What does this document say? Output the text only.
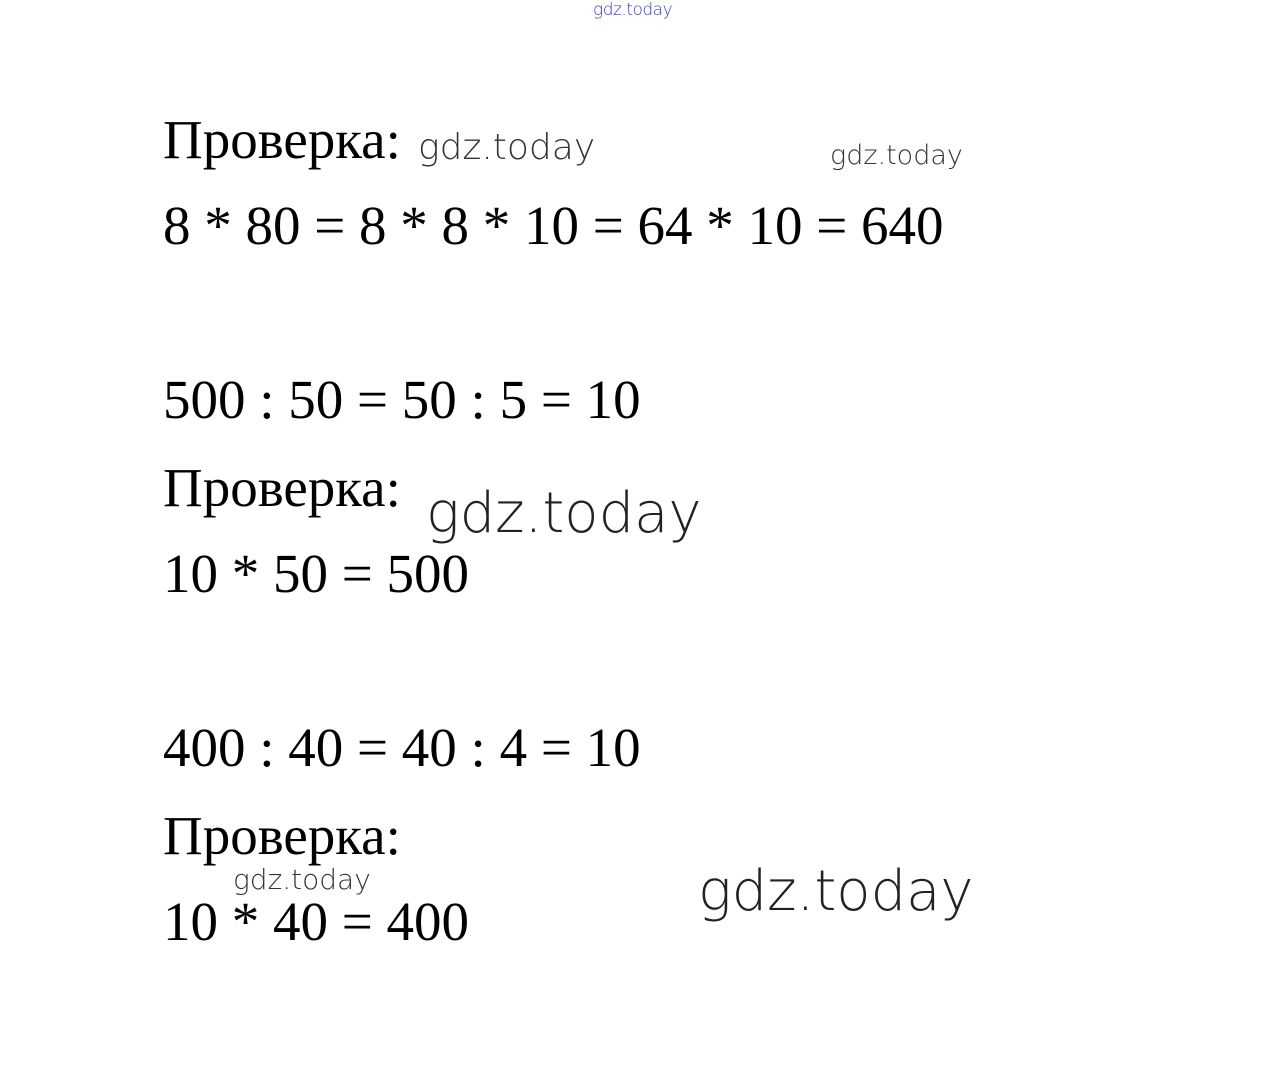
gdz.today
Проверка:
8 * 80 = 8 * 8 * 10 = 64 * 10 = 640
500 : 50 = 50 : 5 = 10
Проверка:
10 * 50 = 500
400 : 40 = 40 : 4 = 10
Проверка:
10 * 40 = 400
gdz.today	gdz.today
gdz.today
gdz.today	gdz.today
